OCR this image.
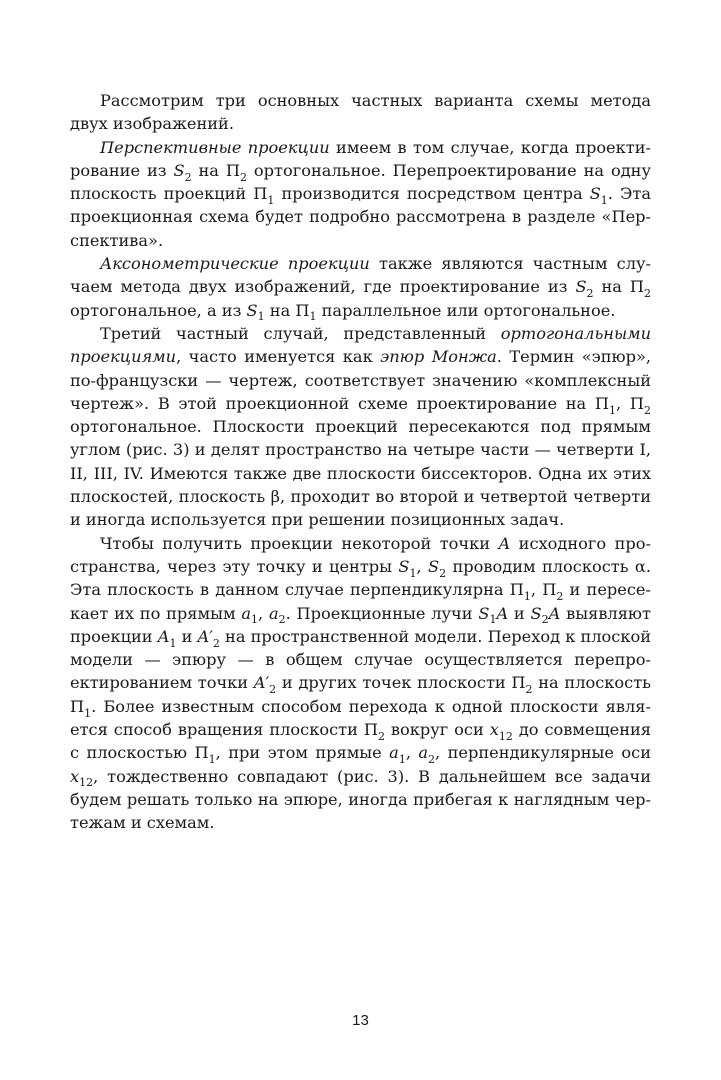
Рассмотрим три основных частных варианта схемы метода двух изображений.

Перспективные проекции имеем в том случае, когда проектирование из $S_2$ на $\Pi_2$ ортогональное. Перепроектирование на одну плоскость проекций $\Pi_1$ производится посредством центра $S_1$. Эта проекционная схема будет подробно рассмотрена в разделе «Перспектива».

Аксонометрические проекции также являются частным случаем метода двух изображений, где проектирование из $S_2$ на $\Pi_2$ ортогональное, а из $S_1$ на $\Pi_1$ параллельное или ортогональное.

Третий частный случай, представленный ортогональными проекциями, часто именуется как эпюр Монжа. Термин «эпюр», по-французски — чертеж, соответствует значению «комплексный чертеж». В этой проекционной схеме проектирование на $\Pi_1$, $\Pi_2$ ортогональное. Плоскости проекций пересекаются под прямым углом (рис. 3) и делят пространство на четыре части — четверти I, II, III, IV. Имеются также две плоскости биссекторов. Одна их этих плоскостей, плоскость β, проходит во второй и четвертой четверти и иногда используется при решении позиционных задач.

Чтобы получить проекции некоторой точки A исходного пространства, через эту точку и центры $S_1$, $S_2$ проводим плоскость α. Эта плоскость в данном случае перпендикулярна $\Pi_1$, $\Pi_2$ и пересекает их по прямым $a_1$, $a_2$. Проекционные лучи $S_1A$ и $S_2A$ выявляют проекции $A_1$ и $A'_2$ на пространственной модели. Переход к плоской модели — эпюру — в общем случае осуществляется перепроектированием точки $A'_2$ и других точек плоскости $\Pi_2$ на плоскость $\Pi_1$. Более известным способом перехода к одной плоскости является способ вращения плоскости $\Pi_2$ вокруг оси $x_{12}$ до совмещения с плоскостью $\Pi_1$, при этом прямые $a_1$, $a_2$, перпендикулярные оси $x_{12}$, тождественно совпадают (рис. 3). В дальнейшем все задачи будем решать только на эпюре, иногда прибегая к наглядным чертежам и схемам.

13
